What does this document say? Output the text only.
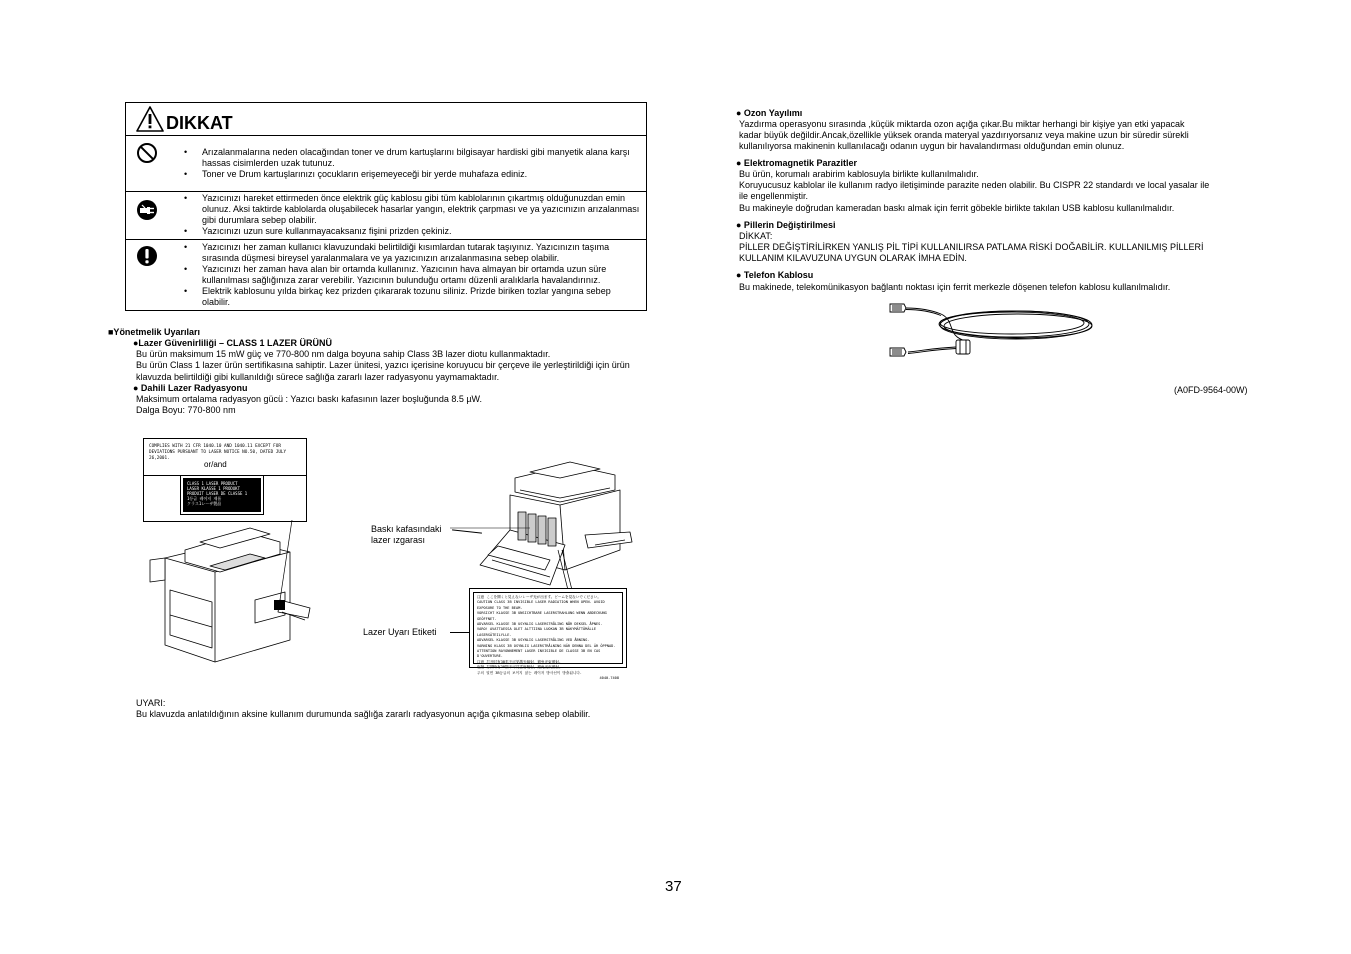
DIKKAT
• Arızalanmalarına neden olacağından toner ve drum kartuşlarını bilgisayar hardiski gibi manyetik alana karşı hassas cisimlerden uzak tutunuz.
• Toner ve Drum kartuşlarınızı çocukların erişemeyeceği bir yerde muhafaza ediniz.
• Yazıcınızı hareket ettirmeden önce elektrik güç kablosu gibi tüm kablolarının çıkartmış olduğunuzdan emin olunuz. Aksi taktirde kablolarda oluşabilecek hasarlar yangın, elektrik çarpması ve ya yazıcınızın arızalanması gibi durumlara sebep olabilir.
• Yazıcınızı uzun sure kullanmayacaksanız fişini prizden çekiniz.
• Yazıcınızı her zaman kullanıcı klavuzundaki belirtildiği kısımlardan tutarak taşıyınız. Yazıcınızın taşıma sırasında düşmesi bireysel yaralanmalara ve ya yazıcınızın arızalanmasına sebep olabilir.
• Yazıcınızı her zaman hava alan bir ortamda kullanınız. Yazıcının hava almayan bir ortamda uzun süre kullanılması sağlığınıza zarar verebilir. Yazıcının bulunduğu ortamı düzenli aralıklarla havalandırınız.
• Elektrik kablosunu yılda birkaç kez prizden çıkararak tozunu siliniz. Prizde biriken tozlar yangına sebep olabilir.
■Yönetmelik Uyarıları
●Lazer Güvenirliliği – CLASS 1 LAZER ÜRÜNÜ
Bu ürün maksimum 15 mW güç ve 770-800 nm dalga boyuna sahip Class 3B lazer diotu kullanmaktadır.
Bu ürün Class 1 lazer ürün sertifikasına sahiptir. Lazer ünitesi, yazıcı içerisine koruyucu bir çerçeve ile yerleştirildiği için ürün
klavuzda belirtildiği gibi kullanıldığı sürece sağlığa zararlı lazer radyasyonu yaymamaktadır.
● Dahili Lazer Radyasyonu
Maksimum ortalama radyasyon gücü : Yazıcı baskı kafasının lazer boşluğunda 8.5 µW.
Dalga Boyu: 770-800 nm
COMPLIES WITH 21 CFR 1040.10 AND 1040.11 EXCEPT FOR
DEVIATIONS PURSUANT TO LASER NOTICE NO.50, DATED JULY 26,2001.
or/and
CLASS 1 LASER PRODUCT
LASER KLASSE 1 PRODUKT
PRODUIT LASER DE CLASSE 1
1등급 레이저 제품
クラス1レーザ製品
Baskı kafasındaki
lazer ızgarası
Lazer Uyarı Etiketi
注意 ここを開くと見えないレーザ光が出ます。ビームを見ないでください。
CAUTION CLASS 3B INVISIBLE LASER RADIATION WHEN OPEN. AVOID EXPOSURE TO THE BEAM.
VORSICHT KLASSE 3B UNSICHTBARE LASERSTRAHLUNG WENN ABDECKUNG GEÖFFNET.
ADVARSEL KLASSE 3B USYNLIG LASERSTRÅLING NÅR DEKSEL ÅPNES.
VARO! AVATTAESSA OLET ALTTIINA LUOKAN 3B NÄKYMÄTTÖMÄLLE LASERSÄTEILYLLE.
ADVARSEL KLASSE 3B USYNLIG LASERSTRÅLING VED ÅBNING.
VARNING KLASS 3B OSYNLIG LASERSTRÅLNING NÄR DENNA DEL ÄR ÖPPNAD.
ATTENTION RAYONNEMENT LASER INVISIBLE DE CLASSE 3B EN CAS D'OUVERTURE.
注意 打开时有3B类不可见激光辐射，避免光束照射。
危險 打開時有3B類不可見雷射輻射，避免光束照射。
주의 열면 3B등급의 보이지 않는 레이저 방사선이 방출됩니다.
4040-7408
UYARI:
Bu klavuzda anlatıldığının aksine kullanım durumunda sağlığa zararlı radyasyonun açığa çıkmasına sebep olabilir.
● Ozon Yayılımı
Yazdırma operasyonu sırasında ,küçük miktarda ozon açığa çıkar.Bu miktar herhangi bir kişiye yan etki yapacak
kadar büyük değildir.Ancak,özellikle yüksek oranda materyal yazdırıyorsanız veya makine uzun bir süredir sürekli
kullanılıyorsa makinenin kullanılacağı odanın uygun bir havalandırması olduğundan emin olunuz.
● Elektromagnetik Parazitler
Bu ürün, korumalı arabirim kablosuyla birlikte kullanılmalıdır.
Koruyucusuz kablolar ile kullanım radyo iletişiminde parazite neden olabilir. Bu CISPR 22 standardı ve local yasalar ile
ile engellenmiştir.
Bu makineyle doğrudan kameradan baskı almak için ferrit göbekle birlikte takılan USB kablosu kullanılmalıdır.
● Pillerin Değiştirilmesi
DİKKAT:
PİLLER DEĞİŞTİRİLİRKEN YANLIŞ PİL TİPİ KULLANILIRSA PATLAMA RİSKİ DOĞABİLİR. KULLANILMIŞ PİLLERİ
KULLANIM KILAVUZUNA UYGUN OLARAK İMHA EDİN.
● Telefon Kablosu
Bu makinede, telekomünikasyon bağlantı noktası için ferrit merkezle döşenen telefon kablosu kullanılmalıdır.
(A0FD-9564-00W)
37
